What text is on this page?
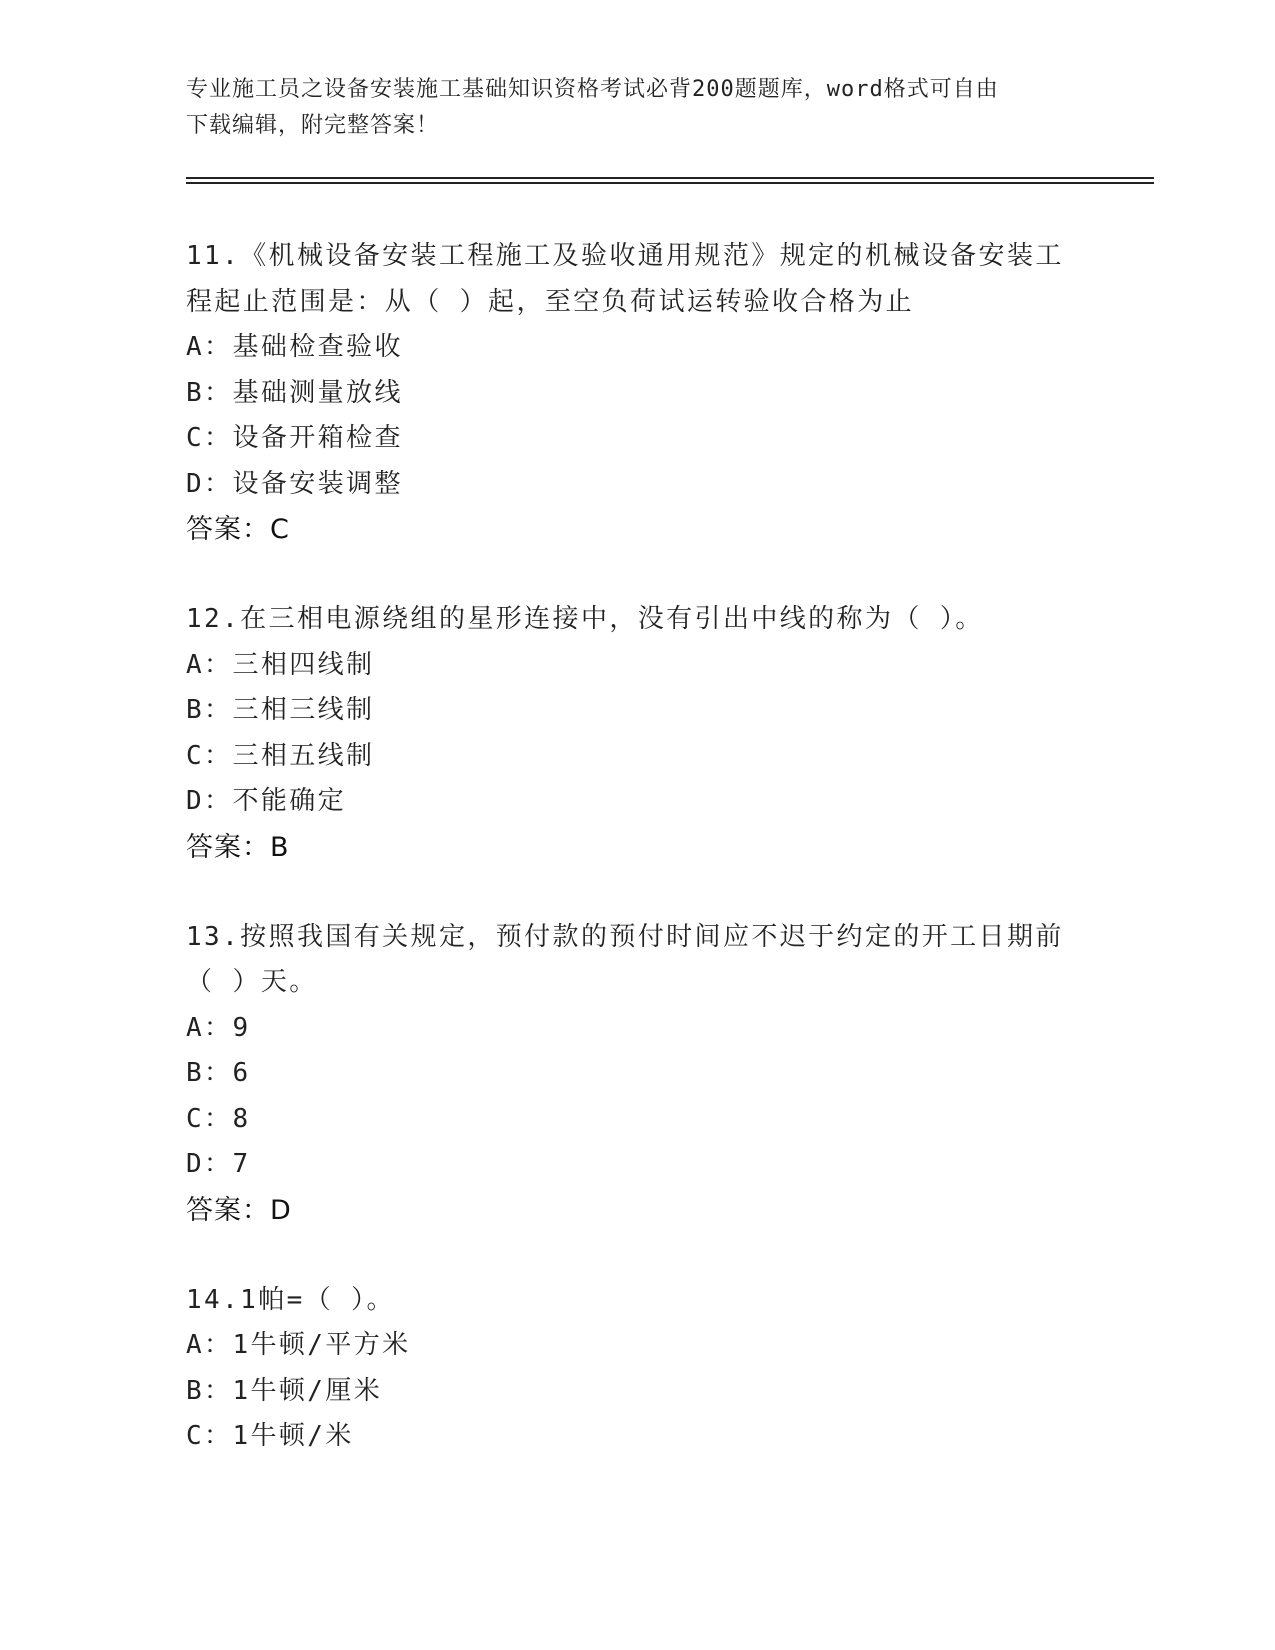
专业施工员之设备安装施工基础知识资格考试必背200题题库，word格式可自由
下载编辑，附完整答案！
11.《机械设备安装工程施工及验收通用规范》规定的机械设备安装工
程起止范围是：从（ ）起，至空负荷试运转验收合格为止
A：基础检查验收
B：基础测量放线
C：设备开箱检查
D：设备安装调整
答案：C
12.在三相电源绕组的星形连接中，没有引出中线的称为（ ）。
A：三相四线制
B：三相三线制
C：三相五线制
D：不能确定
答案：B
13.按照我国有关规定，预付款的预付时间应不迟于约定的开工日期前
（ ）天。
A：9
B：6
C：8
D：7
答案：D
14.1帕=（ ）。
A：1牛顿/平方米
B：1牛顿/厘米
C：1牛顿/米
